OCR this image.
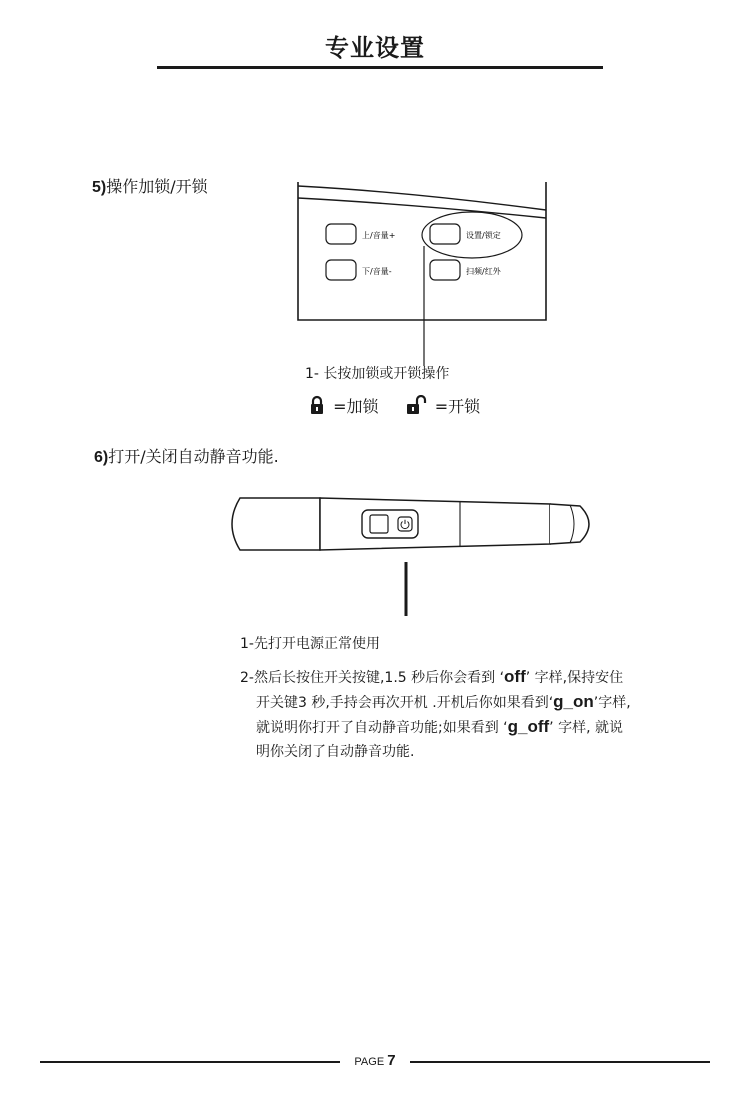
专业设置
5)操作加锁/开锁
上/音量+
下/音量-
设置/锁定
扫频/红外
1- 长按加锁或开锁操作
=加锁	=开锁
6)打开/关闭自动静音功能.
1-先打开电源正常使用
2-然后长按住开关按键,1.5 秒后你会看到 ‘off’ 字样,保持安住
开关键3 秒,手持会再次开机 .开机后你如果看到‘g_on’字样,
就说明你打开了自动静音功能;如果看到 ‘g_off’ 字样, 就说
明你关闭了自动静音功能.
PAGE 7
